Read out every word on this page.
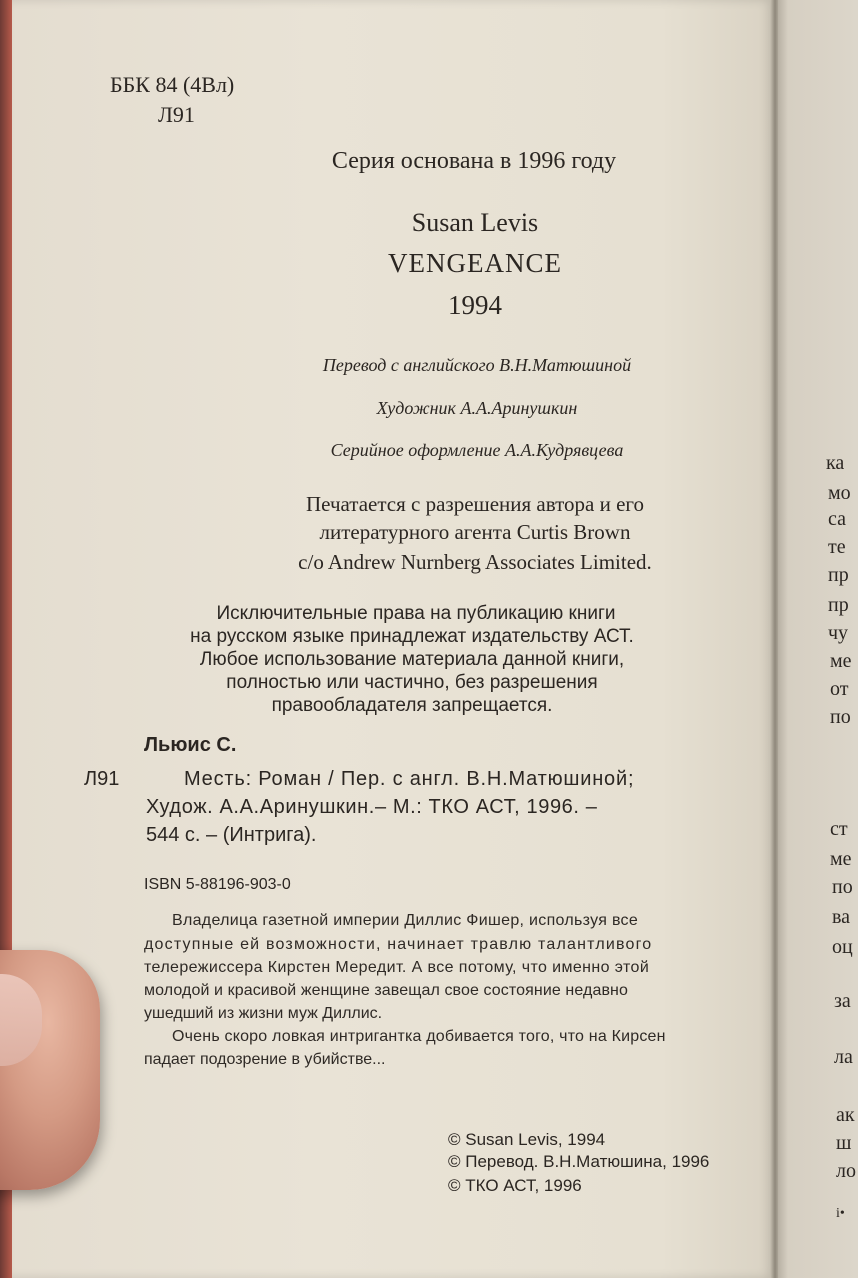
ББК 84 (4Вл)
Л91
Серия основана в 1996 году
Susan Levis
VENGEANCE
1994
Перевод с английского В.Н.Матюшиной
Художник А.А.Аринушкин
Серийное оформление А.А.Кудрявцева
Печатается с разрешения автора и его
литературного агента Curtis Brown
c/o Andrew Nurnberg Associates Limited.
Исключительные права на публикацию книги
на русском языке принадлежат издательству АСТ.
Любое использование материала данной книги,
полностью или частично, без разрешения
правообладателя запрещается.
Льюис С.
Л91	Месть: Роман / Пер. с англ. В.Н.Матюшиной;
Худож. А.А.Аринушкин.– М.: ТКО АСТ, 1996. –
544 с. – (Интрига).
ISBN 5-88196-903-0
Владелица газетной империи Диллис Фишер, используя все
доступные ей возможности, начинает травлю талантливого
телережиссера Кирстен Мередит. А все потому, что именно этой
молодой и красивой женщине завещал свое состояние недавно
ушедший из жизни муж Диллис.
Очень скоро ловкая интригантка добивается того, что на Кирсен
падает подозрение в убийстве...
© Susan Levis, 1994
© Перевод. В.Н.Матюшина, 1996
© ТКО АСТ, 1996
ка
мо
са
те
пр
пр
чу
ме
от
по
ст
ме
по
ва
оц
за
ла
ак
ш
ло
і•
